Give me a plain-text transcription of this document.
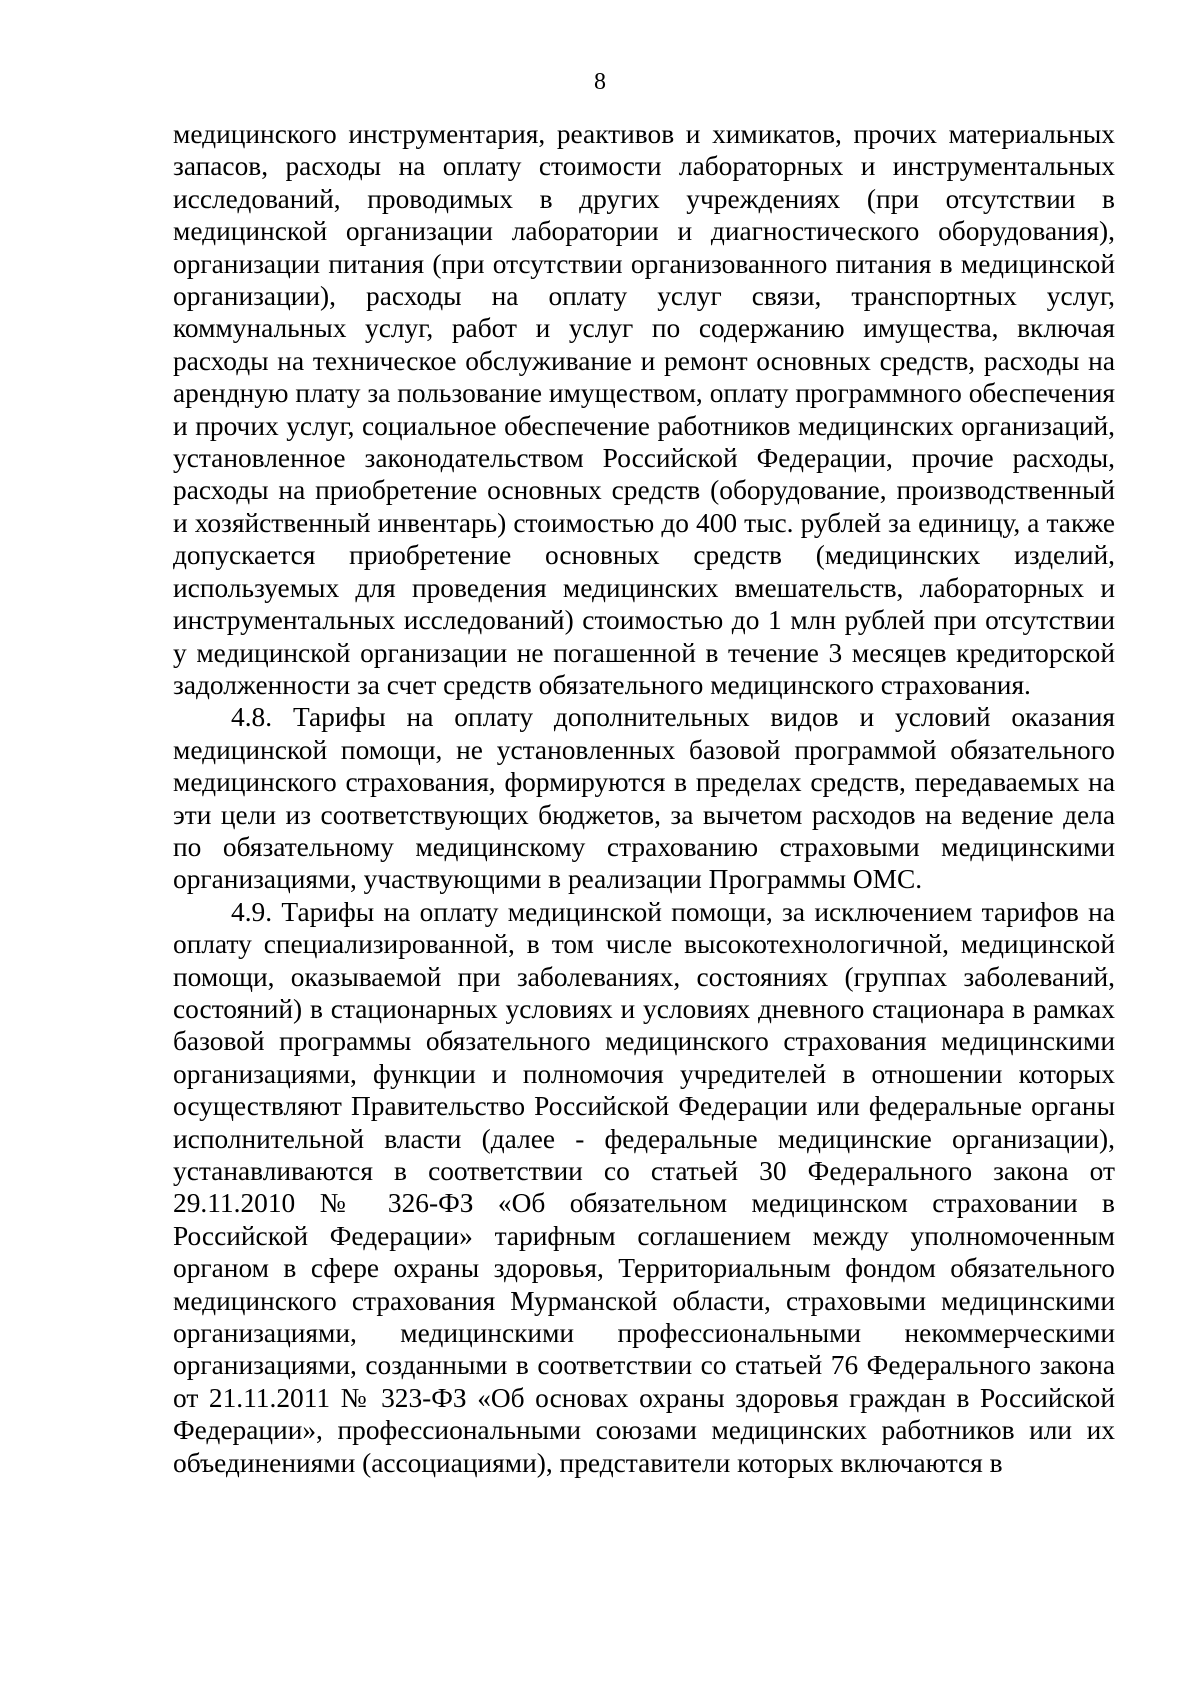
8

медицинского инструментария, реактивов и химикатов, прочих материальных запасов, расходы на оплату стоимости лабораторных и инструментальных исследований, проводимых в других учреждениях (при отсутствии в медицинской организации лаборатории и диагностического оборудования), организации питания (при отсутствии организованного питания в медицинской организации), расходы на оплату услуг связи, транспортных услуг, коммунальных услуг, работ и услуг по содержанию имущества, включая расходы на техническое обслуживание и ремонт основных средств, расходы на арендную плату за пользование имуществом, оплату программного обеспечения и прочих услуг, социальное обеспечение работников медицинских организаций, установленное законодательством Российской Федерации, прочие расходы, расходы на приобретение основных средств (оборудование, производственный и хозяйственный инвентарь) стоимостью до 400 тыс. рублей за единицу, а также допускается приобретение основных средств (медицинских изделий, используемых для проведения медицинских вмешательств, лабораторных и инструментальных исследований) стоимостью до 1 млн рублей при отсутствии у медицинской организации не погашенной в течение 3 месяцев кредиторской задолженности за счет средств обязательного медицинского страхования.

4.8. Тарифы на оплату дополнительных видов и условий оказания медицинской помощи, не установленных базовой программой обязательного медицинского страхования, формируются в пределах средств, передаваемых на эти цели из соответствующих бюджетов, за вычетом расходов на ведение дела по обязательному медицинскому страхованию страховыми медицинскими организациями, участвующими в реализации Программы ОМС.

4.9. Тарифы на оплату медицинской помощи, за исключением тарифов на оплату специализированной, в том числе высокотехнологичной, медицинской помощи, оказываемой при заболеваниях, состояниях (группах заболеваний, состояний) в стационарных условиях и условиях дневного стационара в рамках базовой программы обязательного медицинского страхования медицинскими организациями, функции и полномочия учредителей в отношении которых осуществляют Правительство Российской Федерации или федеральные органы исполнительной власти (далее - федеральные медицинские организации), устанавливаются в соответствии со статьей 30 Федерального закона от 29.11.2010 № 326-ФЗ «Об обязательном медицинском страховании в Российской Федерации» тарифным соглашением между уполномоченным органом в сфере охраны здоровья, Территориальным фондом обязательного медицинского страхования Мурманской области, страховыми медицинскими организациями, медицинскими профессиональными некоммерческими организациями, созданными в соответствии со статьей 76 Федерального закона от 21.11.2011 № 323-ФЗ «Об основах охраны здоровья граждан в Российской Федерации», профессиональными союзами медицинских работников или их объединениями (ассоциациями), представители которых включаются в
